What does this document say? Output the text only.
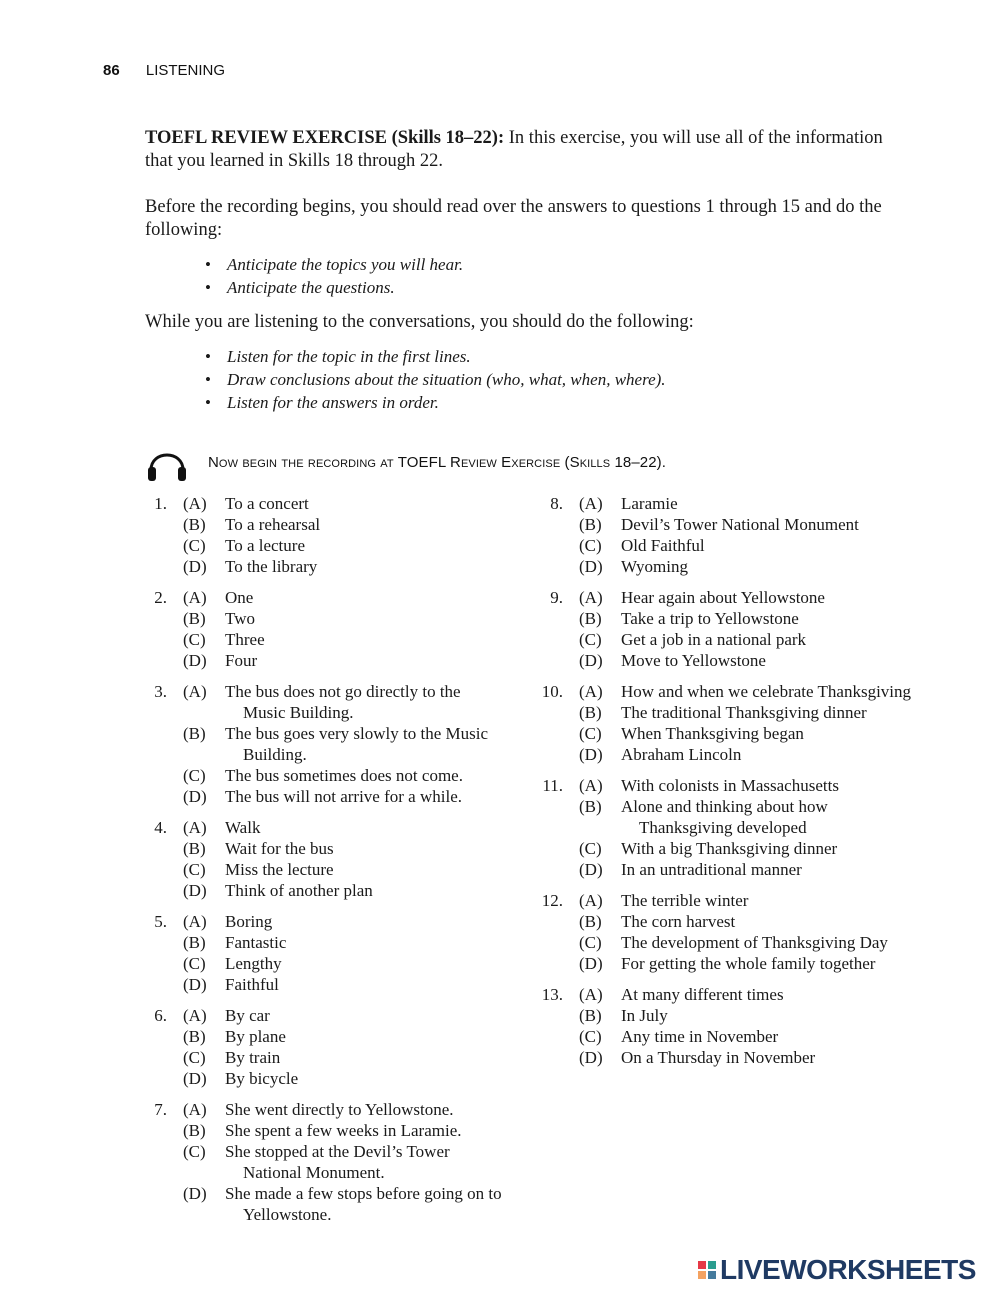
86 LISTENING
TOEFL REVIEW EXERCISE (Skills 18–22): In this exercise, you will use all of the information that you learned in Skills 18 through 22.
Before the recording begins, you should read over the answers to questions 1 through 15 and do the following:
• Anticipate the topics you will hear.
• Anticipate the questions.
While you are listening to the conversations, you should do the following:
• Listen for the topic in the first lines.
• Draw conclusions about the situation (who, what, when, where).
• Listen for the answers in order.
Now begin the recording at TOEFL Review Exercise (Skills 18–22).
1. (A) To a concert
(B) To a rehearsal
(C) To a lecture
(D) To the library
2. (A) One
(B) Two
(C) Three
(D) Four
3. (A) The bus does not go directly to the Music Building.
(B) The bus goes very slowly to the Music Building.
(C) The bus sometimes does not come.
(D) The bus will not arrive for a while.
4. (A) Walk
(B) Wait for the bus
(C) Miss the lecture
(D) Think of another plan
5. (A) Boring
(B) Fantastic
(C) Lengthy
(D) Faithful
6. (A) By car
(B) By plane
(C) By train
(D) By bicycle
7. (A) She went directly to Yellowstone.
(B) She spent a few weeks in Laramie.
(C) She stopped at the Devil’s Tower National Monument.
(D) She made a few stops before going on to Yellowstone.
8. (A) Laramie
(B) Devil’s Tower National Monument
(C) Old Faithful
(D) Wyoming
9. (A) Hear again about Yellowstone
(B) Take a trip to Yellowstone
(C) Get a job in a national park
(D) Move to Yellowstone
10. (A) How and when we celebrate Thanksgiving
(B) The traditional Thanksgiving dinner
(C) When Thanksgiving began
(D) Abraham Lincoln
11. (A) With colonists in Massachusetts
(B) Alone and thinking about how Thanksgiving developed
(C) With a big Thanksgiving dinner
(D) In an untraditional manner
12. (A) The terrible winter
(B) The corn harvest
(C) The development of Thanksgiving Day
(D) For getting the whole family together
13. (A) At many different times
(B) In July
(C) Any time in November
(D) On a Thursday in November
LIVEWORKSHEETS
